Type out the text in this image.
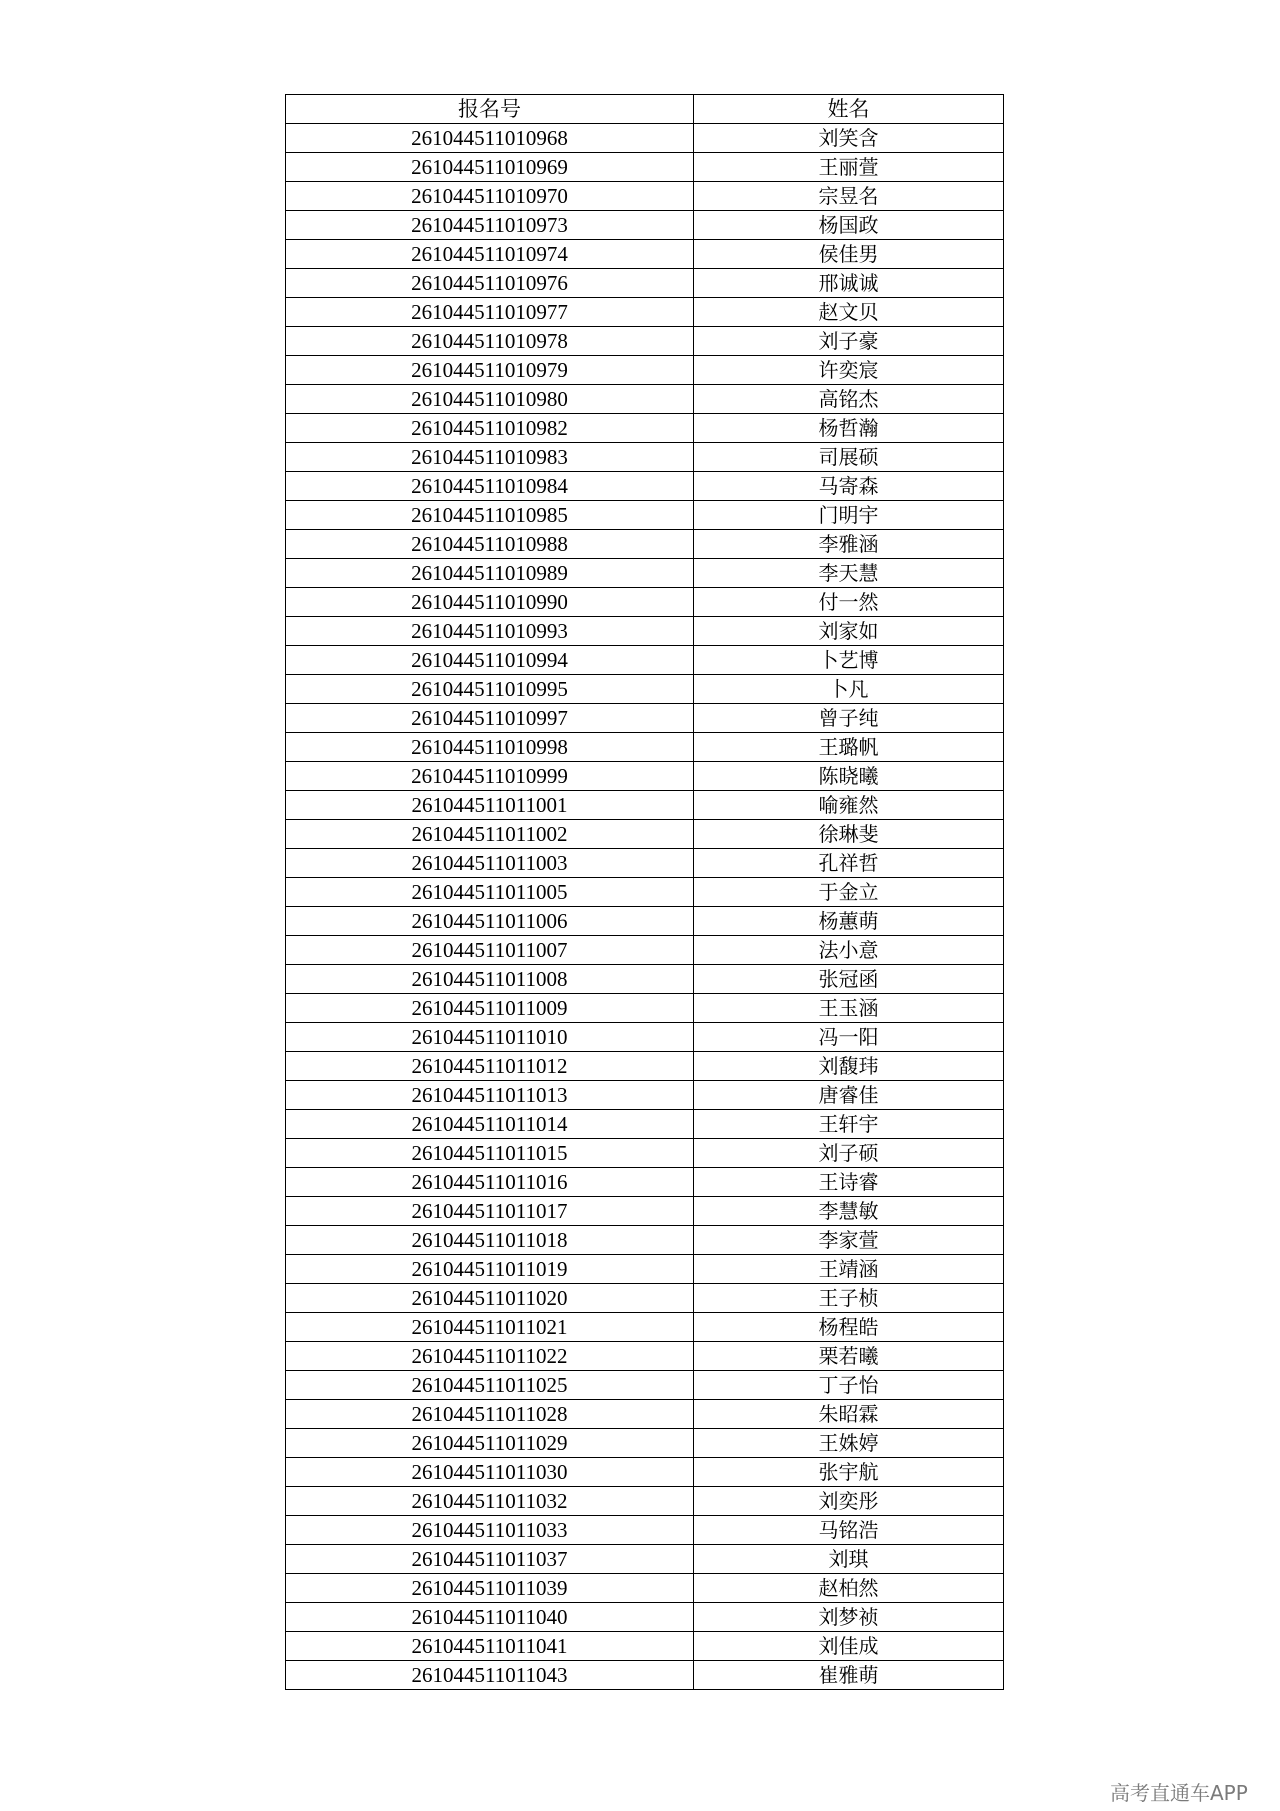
报名号	姓名
261044511010968	刘笑含
261044511010969	王丽萱
261044511010970	宗昱名
261044511010973	杨国政
261044511010974	侯佳男
261044511010976	邢诚诚
261044511010977	赵文贝
261044511010978	刘子豪
261044511010979	许奕宸
261044511010980	高铭杰
261044511010982	杨哲瀚
261044511010983	司展硕
261044511010984	马寄森
261044511010985	门明宇
261044511010988	李雅涵
261044511010989	李天慧
261044511010990	付一然
261044511010993	刘家如
261044511010994	卜艺博
261044511010995	卜凡
261044511010997	曾子纯
261044511010998	王璐帆
261044511010999	陈晓曦
261044511011001	喻雍然
261044511011002	徐琳斐
261044511011003	孔祥哲
261044511011005	于金立
261044511011006	杨蕙萌
261044511011007	法小意
261044511011008	张冠函
261044511011009	王玉涵
261044511011010	冯一阳
261044511011012	刘馥玮
261044511011013	唐睿佳
261044511011014	王轩宇
261044511011015	刘子硕
261044511011016	王诗睿
261044511011017	李慧敏
261044511011018	李家萱
261044511011019	王靖涵
261044511011020	王子桢
261044511011021	杨程皓
261044511011022	栗若曦
261044511011025	丁子怡
261044511011028	朱昭霖
261044511011029	王姝婷
261044511011030	张宇航
261044511011032	刘奕彤
261044511011033	马铭浩
261044511011037	刘琪
261044511011039	赵柏然
261044511011040	刘梦祯
261044511011041	刘佳成
261044511011043	崔雅萌
高考直通车APP
